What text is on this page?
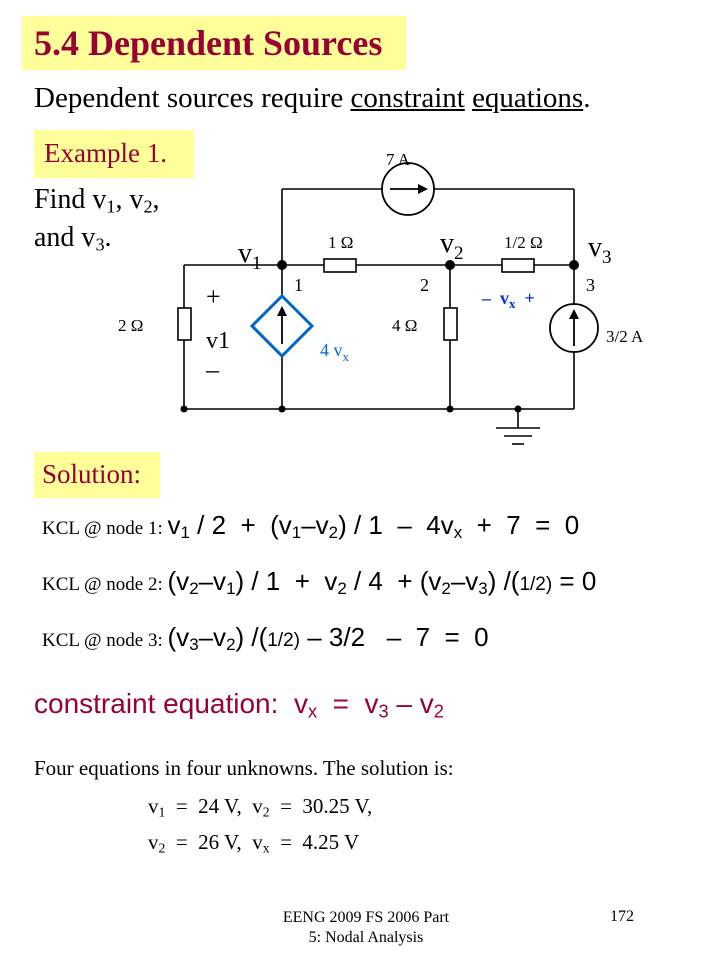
5.4 Dependent Sources
Dependent sources require constraint equations.
Example 1.
Find $v_1$, $v_2$,
and $v_3$.
7 A
1 Ω	1/2 Ω
2 Ω	4 Ω
3/2 A
4 $v_x$
$v_1$
$v_2$	$v_3$
1	2	3
+
v1
–
–  $v_x$  +
Solution:
KCL @ node 1: $v_1 / 2 + (v_1-v_2) / 1 - 4v_x + 7 = 0$
KCL @ node 2: $(v_2-v_1) / 1 + v_2 / 4 + (v_2-v_3) /(1/2) = 0$
KCL @ node 3: $(v_3-v_2)$ /(1/2) – 3/2   –  7  =  0
constraint equation:  $v_x = v_3 - v_2$
Four equations in four unknowns. The solution is:
$v_1 = 24$ V,  $v_2 = 30.25$ V,
$v_2 = 26$ V,  $v_x = 4.25$ V
EENG 2009 FS 2006 Part
5: Nodal Analysis
172
